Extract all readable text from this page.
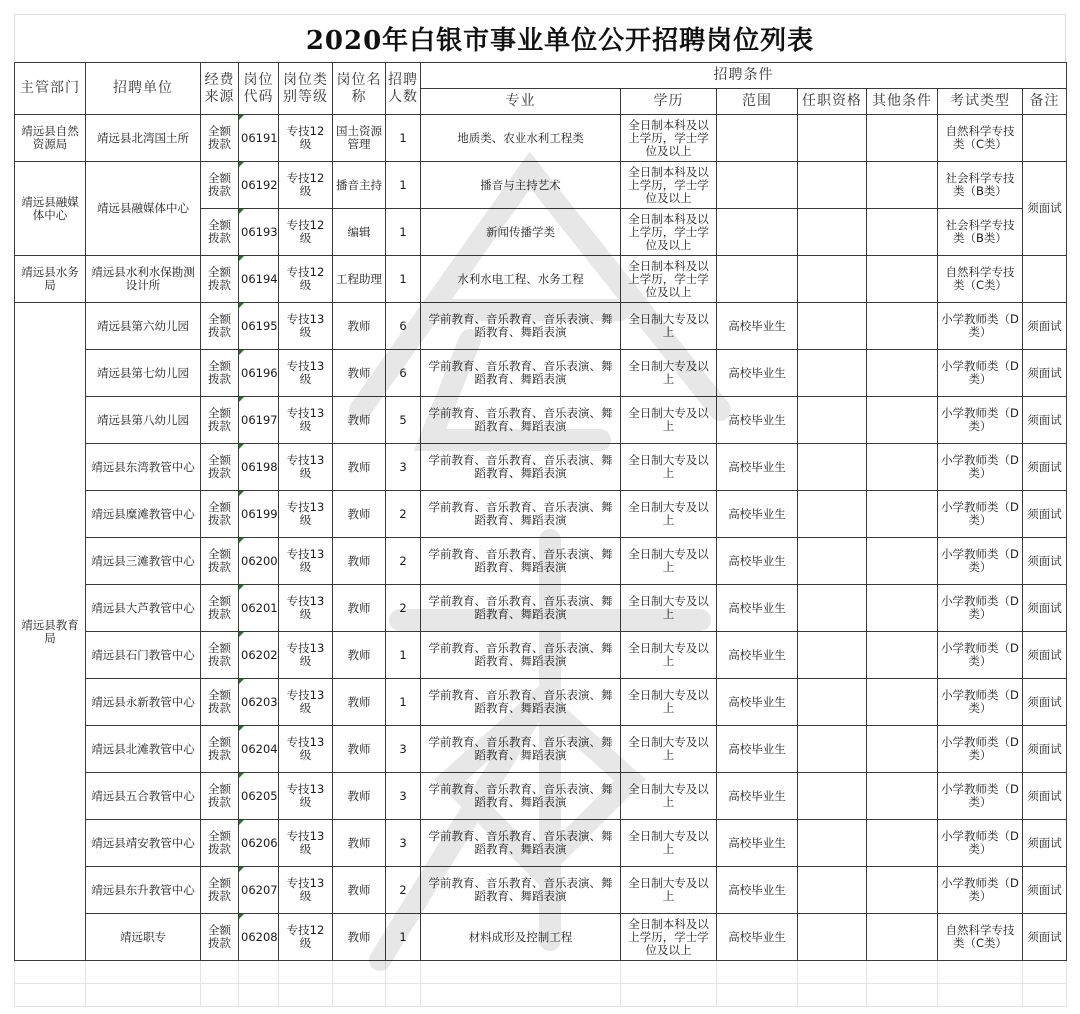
2020年白银市事业单位公开招聘岗位列表
主管部门	招聘单位	经费来源	岗位代码	岗位类别等级	岗位名称	招聘人数	招聘条件						
							专业	学历	范围	任职资格	其他条件	考试类型	备注
靖远县自然资源局	靖远县北湾国土所	全额拨款	06191	专技12级	国土资源管理	1	地质类、农业水利工程类	全日制本科及以上学历，学士学位及以上				自然科学专技类（C类）	
靖远县融媒体中心	靖远县融媒体中心	全额拨款	06192	专技12级	播音主持	1	播音与主持艺术	全日制本科及以上学历，学士学位及以上				社会科学专技类（B类）	须面试
		全额拨款	06193	专技12级	编辑	1	新闻传播学类	全日制本科及以上学历，学士学位及以上				社会科学专技类（B类）	
靖远县水务局	靖远县水利水保勘测设计所	全额拨款	06194	专技12级	工程助理	1	水利水电工程、水务工程	全日制本科及以上学历，学士学位及以上				自然科学专技类（C类）	
靖远县教育局	靖远县第六幼儿园	全额拨款	06195	专技13级	教师	6	学前教育、音乐教育、音乐表演、舞蹈教育、舞蹈表演	全日制大专及以上	高校毕业生			小学教师类（D类）	须面试
	靖远县第七幼儿园	全额拨款	06196	专技13级	教师	6	学前教育、音乐教育、音乐表演、舞蹈教育、舞蹈表演	全日制大专及以上	高校毕业生			小学教师类（D类）	须面试
	靖远县第八幼儿园	全额拨款	06197	专技13级	教师	5	学前教育、音乐教育、音乐表演、舞蹈教育、舞蹈表演	全日制大专及以上	高校毕业生			小学教师类（D类）	须面试
	靖远县东湾教管中心	全额拨款	06198	专技13级	教师	3	学前教育、音乐教育、音乐表演、舞蹈教育、舞蹈表演	全日制大专及以上	高校毕业生			小学教师类（D类）	须面试
	靖远县糜滩教管中心	全额拨款	06199	专技13级	教师	2	学前教育、音乐教育、音乐表演、舞蹈教育、舞蹈表演	全日制大专及以上	高校毕业生			小学教师类（D类）	须面试
	靖远县三滩教管中心	全额拨款	06200	专技13级	教师	2	学前教育、音乐教育、音乐表演、舞蹈教育、舞蹈表演	全日制大专及以上	高校毕业生			小学教师类（D类）	须面试
	靖远县大芦教管中心	全额拨款	06201	专技13级	教师	2	学前教育、音乐教育、音乐表演、舞蹈教育、舞蹈表演	全日制大专及以上	高校毕业生			小学教师类（D类）	须面试
	靖远县石门教管中心	全额拨款	06202	专技13级	教师	1	学前教育、音乐教育、音乐表演、舞蹈教育、舞蹈表演	全日制大专及以上	高校毕业生			小学教师类（D类）	须面试
	靖远县永新教管中心	全额拨款	06203	专技13级	教师	1	学前教育、音乐教育、音乐表演、舞蹈教育、舞蹈表演	全日制大专及以上	高校毕业生			小学教师类（D类）	须面试
	靖远县北滩教管中心	全额拨款	06204	专技13级	教师	3	学前教育、音乐教育、音乐表演、舞蹈教育、舞蹈表演	全日制大专及以上	高校毕业生			小学教师类（D类）	须面试
	靖远县五合教管中心	全额拨款	06205	专技13级	教师	3	学前教育、音乐教育、音乐表演、舞蹈教育、舞蹈表演	全日制大专及以上	高校毕业生			小学教师类（D类）	须面试
	靖远县靖安教管中心	全额拨款	06206	专技13级	教师	3	学前教育、音乐教育、音乐表演、舞蹈教育、舞蹈表演	全日制大专及以上	高校毕业生			小学教师类（D类）	须面试
	靖远县东升教管中心	全额拨款	06207	专技13级	教师	2	学前教育、音乐教育、音乐表演、舞蹈教育、舞蹈表演	全日制大专及以上	高校毕业生			小学教师类（D类）	须面试
	靖远职专	全额拨款	06208	专技12级	教师	1	材料成形及控制工程	全日制本科及以上学历，学士学位及以上	高校毕业生			自然科学专技类（C类）	须面试
